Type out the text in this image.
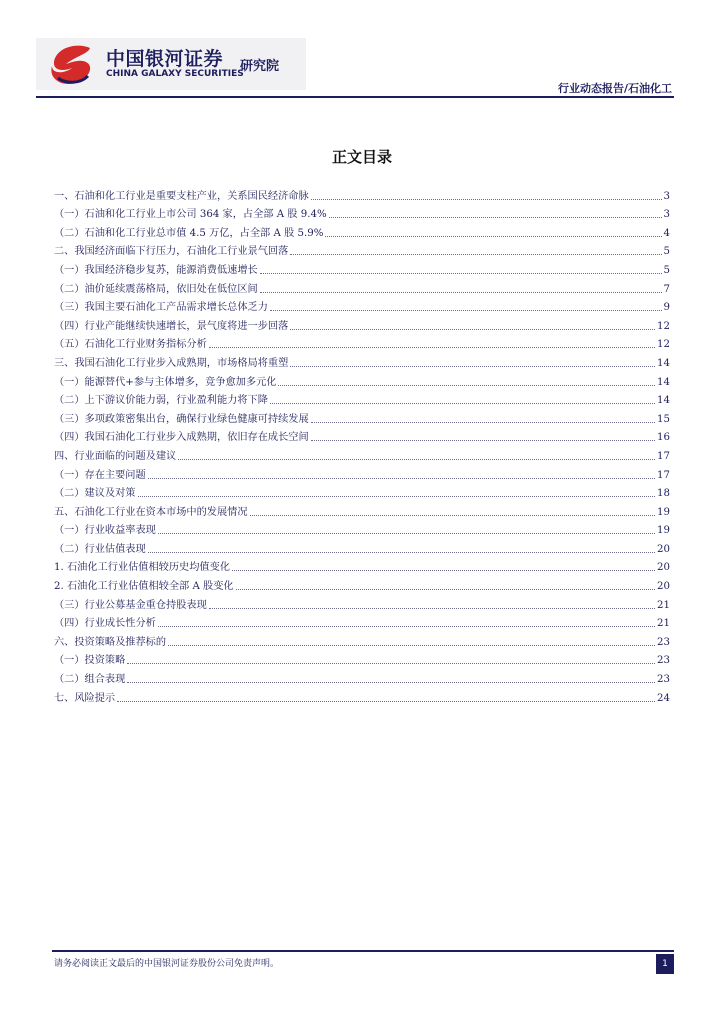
中国银河证券
CHINA GALAXY SECURITIES
研究院
行业动态报告/石油化工
正文目录
一、石油和化工行业是重要支柱产业，关系国民经济命脉	3
（一）石油和化工行业上市公司 364 家，占全部 A 股 9.4%	3
（二）石油和化工行业总市值 4.5 万亿，占全部 A 股 5.9%	4
二、我国经济面临下行压力，石油化工行业景气回落	5
（一）我国经济稳步复苏，能源消费低速增长	5
（二）油价延续震荡格局，依旧处在低位区间	7
（三）我国主要石油化工产品需求增长总体乏力	9
（四）行业产能继续快速增长，景气度将进一步回落	12
（五）石油化工行业财务指标分析	12
三、我国石油化工行业步入成熟期，市场格局将重塑	14
（一）能源替代+参与主体增多，竞争愈加多元化	14
（二）上下游议价能力弱，行业盈利能力将下降	14
（三）多项政策密集出台，确保行业绿色健康可持续发展	15
（四）我国石油化工行业步入成熟期，依旧存在成长空间	16
四、行业面临的问题及建议	17
（一）存在主要问题	17
（二）建议及对策	18
五、石油化工行业在资本市场中的发展情况	19
（一）行业收益率表现	19
（二）行业估值表现	20
1. 石油化工行业估值相较历史均值变化	20
2. 石油化工行业估值相较全部 A 股变化	20
（三）行业公募基金重仓持股表现	21
（四）行业成长性分析	21
六、投资策略及推荐标的	23
（一）投资策略	23
（二）组合表现	23
七、风险提示	24
请务必阅读正文最后的中国银河证券股份公司免责声明。	1
